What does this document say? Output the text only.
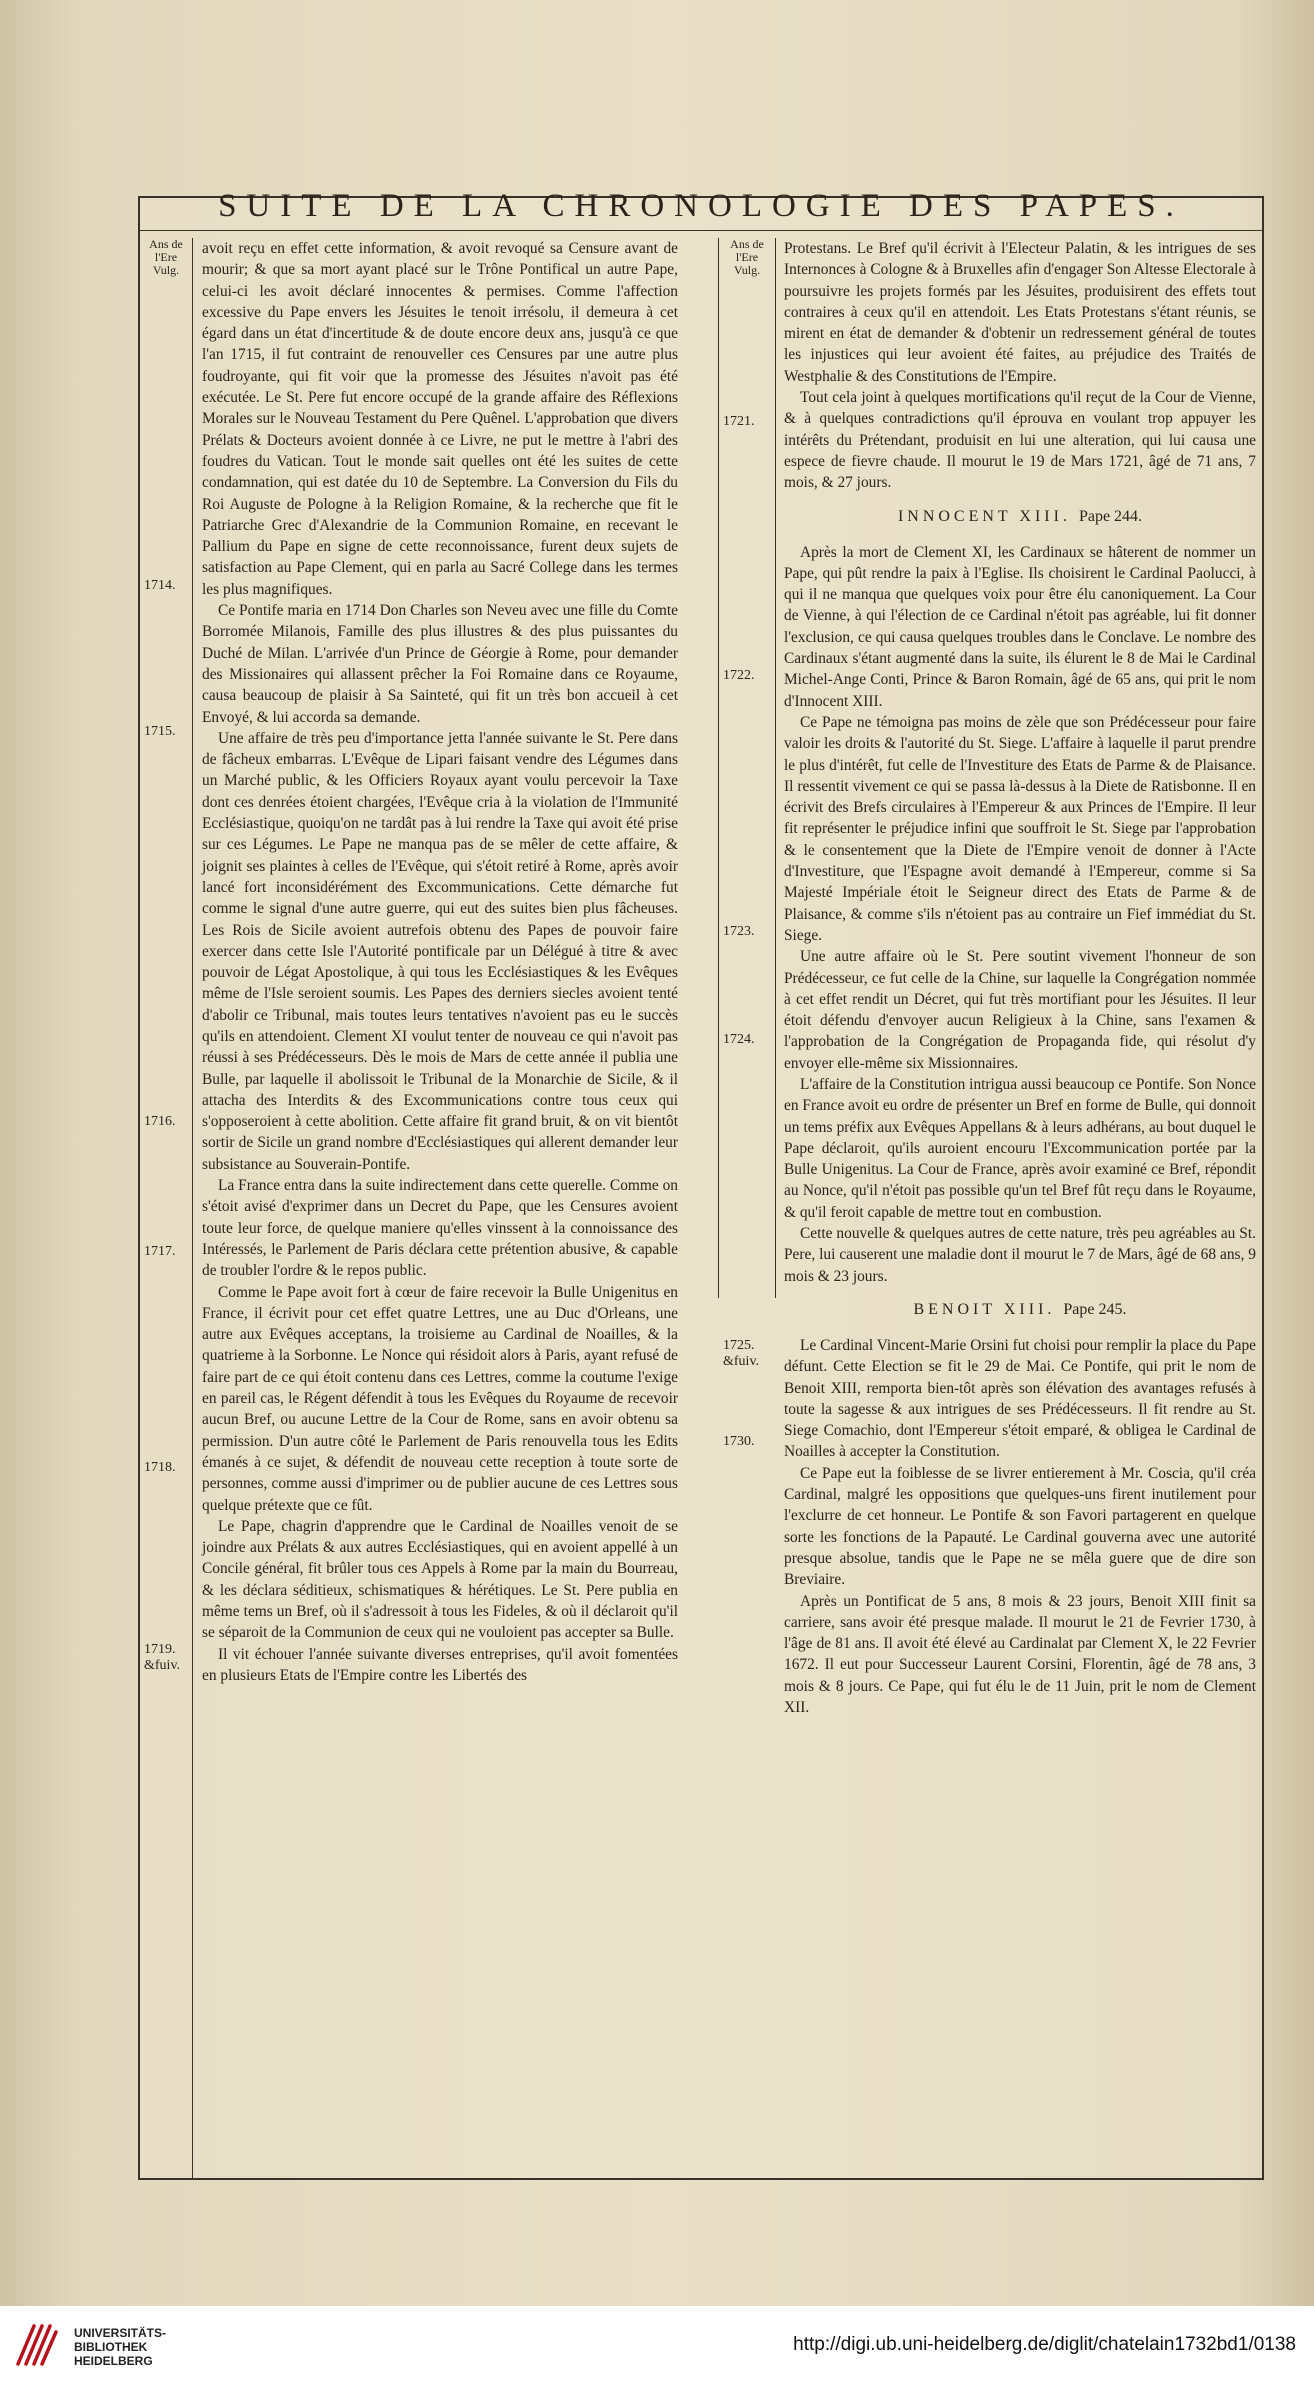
SUITE DE LA CHRONOLOGIE DES PAPES.
Ans de
l'Ere
Vulg.
1714.
1715.
1716.
1717.
1718.
1719.
&fuiv.

avoit reçu en effet cette information, & avoit revoqué sa Censure avant de mourir; & que sa mort ayant placé sur le Trône Pontifical un autre Pape, celui-ci les avoit déclaré innocentes & permises. Comme l'affection excessive du Pape envers les Jésuites le tenoit irrésolu, il demeura à cet égard dans un état d'incertitude & de doute encore deux ans, jusqu'à ce que l'an 1715, il fut contraint de renouveller ces Censures par une autre plus foudroyante, qui fit voir que la promesse des Jésuites n'avoit pas été exécutée. Le St. Pere fut encore occupé de la grande affaire des Réflexions Morales sur le Nouveau Testament du Pere Quênel. L'approbation que divers Prélats & Docteurs avoient donnée à ce Livre, ne put le mettre à l'abri des foudres du Vatican. Tout le monde sait quelles ont été les suites de cette condamnation, qui est datée du 10 de Septembre. La Conversion du Fils du Roi Auguste de Pologne à la Religion Romaine, & la recherche que fit le Patriarche Grec d'Alexandrie de la Communion Romaine, en recevant le Pallium du Pape en signe de cette reconnoissance, furent deux sujets de satisfaction au Pape Clement, qui en parla au Sacré College dans les termes les plus magnifiques.

Ce Pontife maria en 1714 Don Charles son Neveu avec une fille du Comte Borromée Milanois, Famille des plus illustres & des plus puissantes du Duché de Milan. L'arrivée d'un Prince de Géorgie à Rome, pour demander des Missionaires qui allassent prêcher la Foi Romaine dans ce Royaume, causa beaucoup de plaisir à Sa Sainteté, qui fit un très bon accueil à cet Envoyé, & lui accorda sa demande.

Une affaire de très peu d'importance jetta l'année suivante le St. Pere dans de fâcheux embarras. L'Evêque de Lipari faisant vendre des Légumes dans un Marché public, & les Officiers Royaux ayant voulu percevoir la Taxe dont ces denrées étoient chargées, l'Evêque cria à la violation de l'Immunité Ecclésiastique, quoiqu'on ne tardât pas à lui rendre la Taxe qui avoit été prise sur ces Légumes. Le Pape ne manqua pas de se mêler de cette affaire, & joignit ses plaintes à celles de l'Evêque, qui s'étoit retiré à Rome, après avoir lancé fort inconsidérément des Excommunications. Cette démarche fut comme le signal d'une autre guerre, qui eut des suites bien plus fâcheuses. Les Rois de Sicile avoient autrefois obtenu des Papes de pouvoir faire exercer dans cette Isle l'Autorité pontificale par un Délégué à titre & avec pouvoir de Légat Apostolique, à qui tous les Ecclésiastiques & les Evêques même de l'Isle seroient soumis. Les Papes des derniers siecles avoient tenté d'abolir ce Tribunal, mais toutes leurs tentatives n'avoient pas eu le succès qu'ils en attendoient. Clement XI voulut tenter de nouveau ce qui n'avoit pas réussi à ses Prédécesseurs. Dès le mois de Mars de cette année il publia une Bulle, par laquelle il abolissoit le Tribunal de la Monarchie de Sicile, & il attacha des Interdits & des Excommunications contre tous ceux qui s'opposeroient à cette abolition. Cette affaire fit grand bruit, & on vit bientôt sortir de Sicile un grand nombre d'Ecclésiastiques qui allerent demander leur subsistance au Souverain-Pontife.

La France entra dans la suite indirectement dans cette querelle. Comme on s'étoit avisé d'exprimer dans un Decret du Pape, que les Censures avoient toute leur force, de quelque maniere qu'elles vinssent à la connoissance des Intéressés, le Parlement de Paris déclara cette prétention abusive, & capable de troubler l'ordre & le repos public.

Comme le Pape avoit fort à cœur de faire recevoir la Bulle Unigenitus en France, il écrivit pour cet effet quatre Lettres, une au Duc d'Orleans, une autre aux Evêques acceptans, la troisieme au Cardinal de Noailles, & la quatrieme à la Sorbonne. Le Nonce qui résidoit alors à Paris, ayant refusé de faire part de ce qui étoit contenu dans ces Lettres, comme la coutume l'exige en pareil cas, le Régent défendit à tous les Evêques du Royaume de recevoir aucun Bref, ou aucune Lettre de la Cour de Rome, sans en avoir obtenu sa permission. D'un autre côté le Parlement de Paris renouvella tous les Edits émanés à ce sujet, & défendit de nouveau cette reception à toute sorte de personnes, comme aussi d'imprimer ou de publier aucune de ces Lettres sous quelque prétexte que ce fût.

Le Pape, chagrin d'apprendre que le Cardinal de Noailles venoit de se joindre aux Prélats & aux autres Ecclésiastiques, qui en avoient appellé à un Concile général, fit brûler tous ces Appels à Rome par la main du Bourreau, & les déclara séditieux, schismatiques & hérétiques. Le St. Pere publia en même tems un Bref, où il s'adressoit à tous les Fideles, & où il déclaroit qu'il se séparoit de la Communion de ceux qui ne vouloient pas accepter sa Bulle.

Il vit échouer l'année suivante diverses entreprises, qu'il avoit fomentées en plusieurs Etats de l'Empire contre les Libertés des

Ans de
l'Ere
Vulg.
1721.
1722.
1723.
1724.
1725.
&fuiv.
1730.

Protestans. Le Bref qu'il écrivit à l'Electeur Palatin, & les intrigues de ses Internonces à Cologne & à Bruxelles afin d'engager Son Altesse Electorale à poursuivre les projets formés par les Jésuites, produisirent des effets tout contraires à ceux qu'il en attendoit. Les Etats Protestans s'étant réunis, se mirent en état de demander & d'obtenir un redressement général de toutes les injustices qui leur avoient été faites, au préjudice des Traités de Westphalie & des Constitutions de l'Empire.

Tout cela joint à quelques mortifications qu'il reçut de la Cour de Vienne, & à quelques contradictions qu'il éprouva en voulant trop appuyer les intérêts du Prétendant, produisit en lui une alteration, qui lui causa une espece de fievre chaude. Il mourut le 19 de Mars 1721, âgé de 71 ans, 7 mois, & 27 jours.

INNOCENT XIII. Pape 244.

Après la mort de Clement XI, les Cardinaux se hâterent de nommer un Pape, qui pût rendre la paix à l'Eglise. Ils choisirent le Cardinal Paolucci, à qui il ne manqua que quelques voix pour être élu canoniquement. La Cour de Vienne, à qui l'élection de ce Cardinal n'étoit pas agréable, lui fit donner l'exclusion, ce qui causa quelques troubles dans le Conclave. Le nombre des Cardinaux s'étant augmenté dans la suite, ils élurent le 8 de Mai le Cardinal Michel-Ange Conti, Prince & Baron Romain, âgé de 65 ans, qui prit le nom d'Innocent XIII.

Ce Pape ne témoigna pas moins de zèle que son Prédécesseur pour faire valoir les droits & l'autorité du St. Siege. L'affaire à laquelle il parut prendre le plus d'intérêt, fut celle de l'Investiture des Etats de Parme & de Plaisance. Il ressentit vivement ce qui se passa là-dessus à la Diete de Ratisbonne. Il en écrivit des Brefs circulaires à l'Empereur & aux Princes de l'Empire. Il leur fit représenter le préjudice infini que souffroit le St. Siege par l'approbation & le consentement que la Diete de l'Empire venoit de donner à l'Acte d'Investiture, que l'Espagne avoit demandé à l'Empereur, comme si Sa Majesté Impériale étoit le Seigneur direct des Etats de Parme & de Plaisance, & comme s'ils n'étoient pas au contraire un Fief immédiat du St. Siege.

Une autre affaire où le St. Pere soutint vivement l'honneur de son Prédécesseur, ce fut celle de la Chine, sur laquelle la Congrégation nommée à cet effet rendit un Décret, qui fut très mortifiant pour les Jésuites. Il leur étoit défendu d'envoyer aucun Religieux à la Chine, sans l'examen & l'approbation de la Congrégation de Propaganda fide, qui résolut d'y envoyer elle-même six Missionnaires.

L'affaire de la Constitution intrigua aussi beaucoup ce Pontife. Son Nonce en France avoit eu ordre de présenter un Bref en forme de Bulle, qui donnoit un tems préfix aux Evêques Appellans & à leurs adhérans, au bout duquel le Pape déclaroit, qu'ils auroient encouru l'Excommunication portée par la Bulle Unigenitus. La Cour de France, après avoir examiné ce Bref, répondit au Nonce, qu'il n'étoit pas possible qu'un tel Bref fût reçu dans le Royaume, & qu'il feroit capable de mettre tout en combustion.

Cette nouvelle & quelques autres de cette nature, très peu agréables au St. Pere, lui causerent une maladie dont il mourut le 7 de Mars, âgé de 68 ans, 9 mois & 23 jours.

BENOIT XIII. Pape 245.

Le Cardinal Vincent-Marie Orsini fut choisi pour remplir la place du Pape défunt. Cette Election se fit le 29 de Mai. Ce Pontife, qui prit le nom de Benoit XIII, remporta bien-tôt après son élévation des avantages refusés à toute la sagesse & aux intrigues de ses Prédécesseurs. Il fit rendre au St. Siege Comachio, dont l'Empereur s'étoit emparé, & obligea le Cardinal de Noailles à accepter la Constitution.

Ce Pape eut la foiblesse de se livrer entierement à Mr. Coscia, qu'il créa Cardinal, malgré les oppositions que quelques-uns firent inutilement pour l'exclurre de cet honneur. Le Pontife & son Favori partagerent en quelque sorte les fonctions de la Papauté. Le Cardinal gouverna avec une autorité presque absolue, tandis que le Pape ne se mêla guere que de dire son Breviaire.

Après un Pontificat de 5 ans, 8 mois & 23 jours, Benoit XIII finit sa carriere, sans avoir été presque malade. Il mourut le 21 de Fevrier 1730, à l'âge de 81 ans. Il avoit été élevé au Cardinalat par Clement X, le 22 Fevrier 1672. Il eut pour Successeur Laurent Corsini, Florentin, âgé de 78 ans, 3 mois & 8 jours. Ce Pape, qui fut élu le de 11 Juin, prit le nom de Clement XII.

UNIVERSITÄTS-
BIBLIOTHEK
HEIDELBERG
http://digi.ub.uni-heidelberg.de/diglit/chatelain1732bd1/0138
